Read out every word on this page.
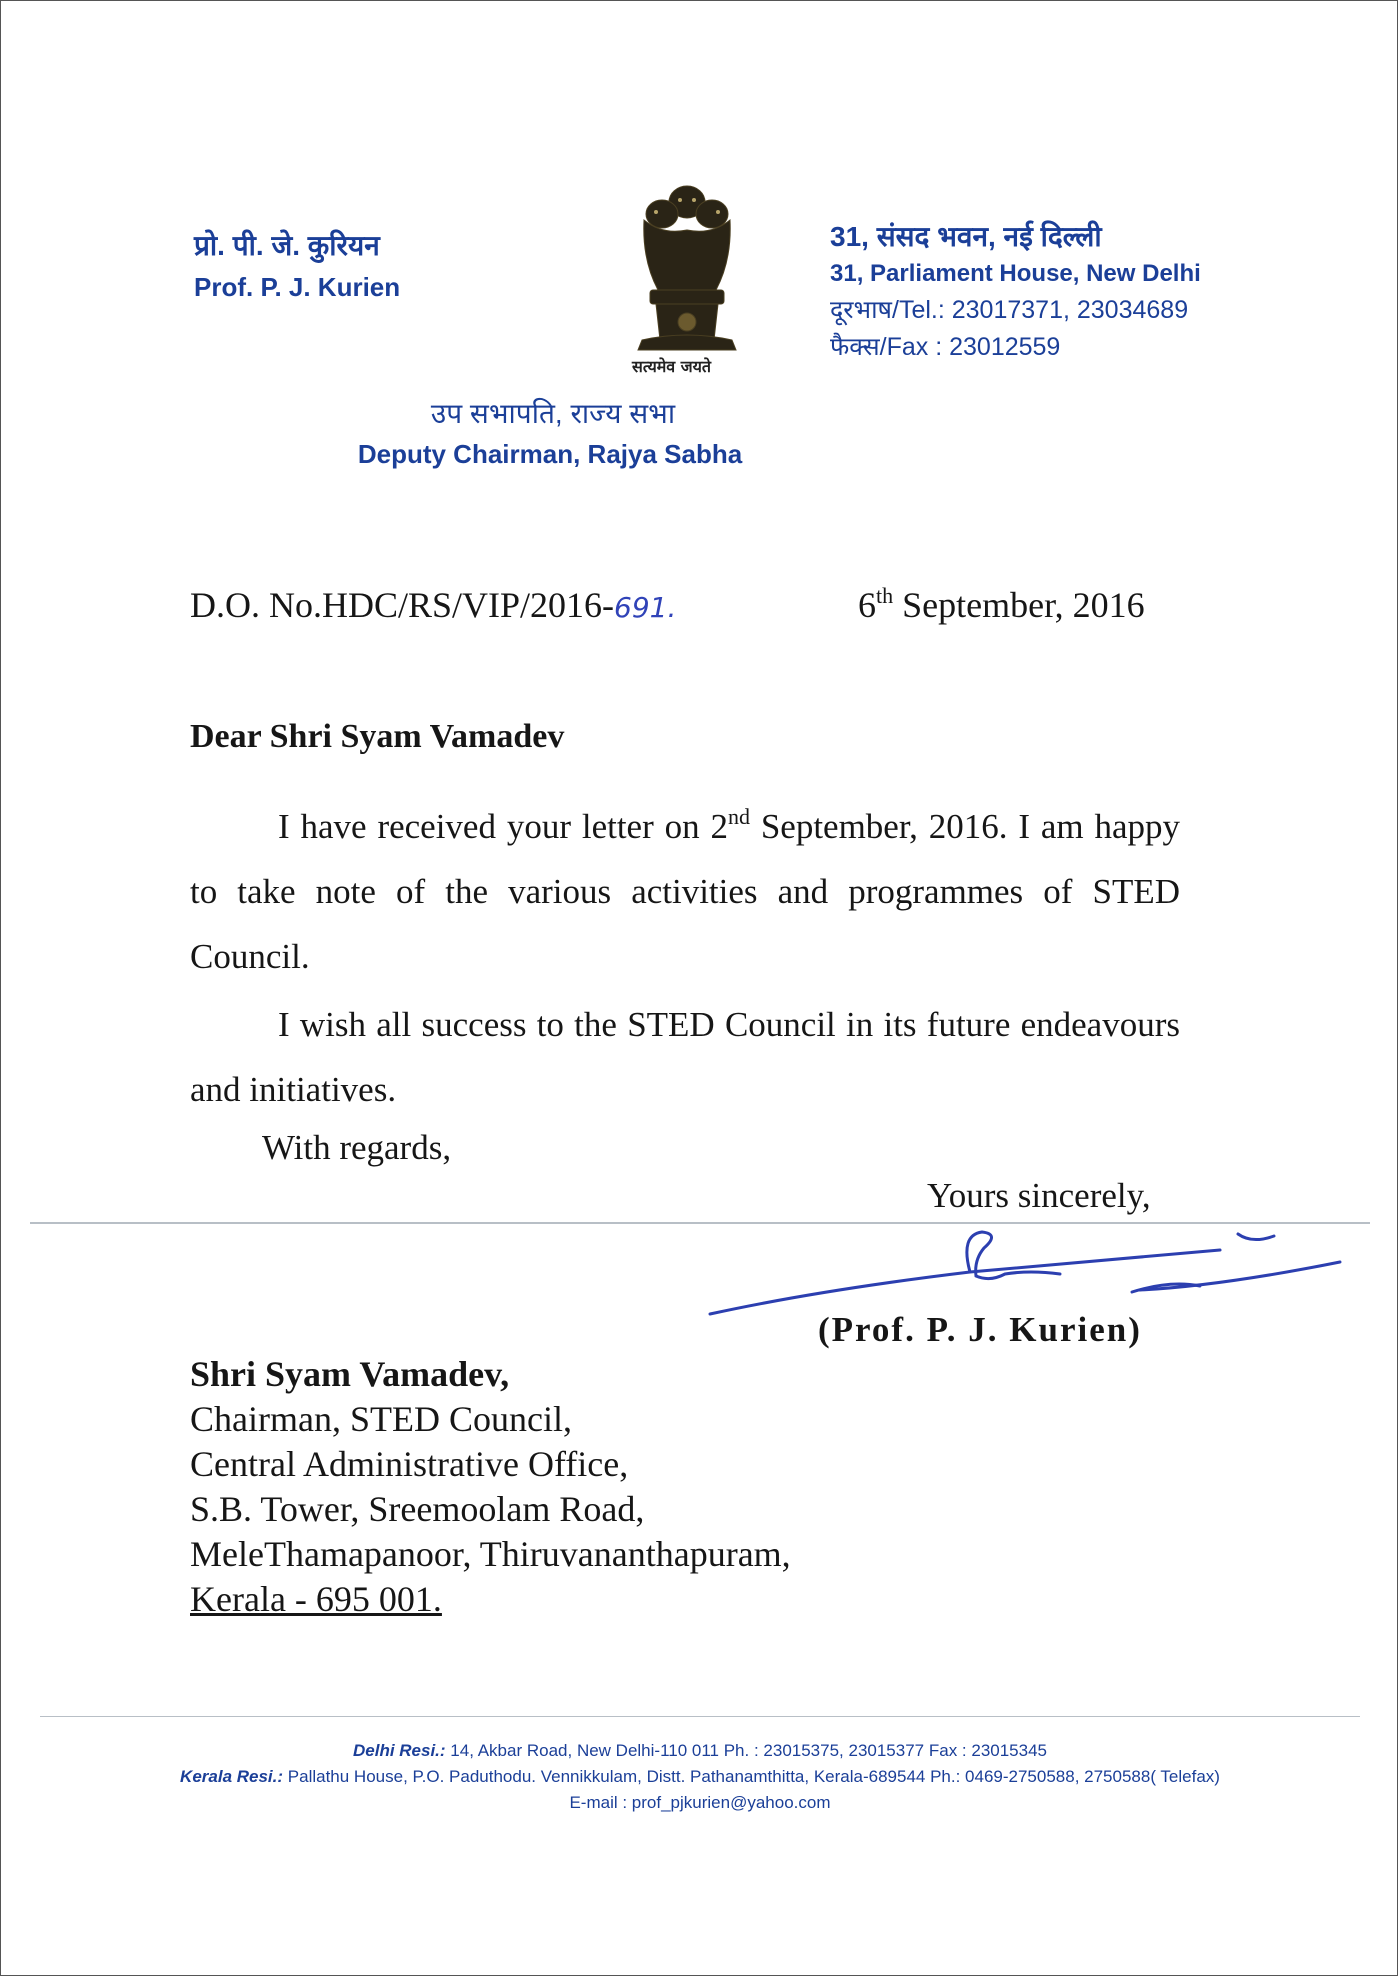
प्रो. पी. जे. कुरियन
Prof. P. J. Kurien
सत्यमेव जयते
31, संसद भवन, नई दिल्ली
31, Parliament House, New Delhi
दूरभाष/Tel.: 23017371, 23034689
फैक्स/Fax : 23012559
उप सभापति, राज्य सभा
Deputy Chairman, Rajya Sabha
D.O. No.HDC/RS/VIP/2016-691.	6th September, 2016
Dear Shri Syam Vamadev
I have received your letter on 2nd September, 2016. I am happy to take note of the various activities and programmes of STED Council.
I wish all success to the STED Council in its future endeavours and initiatives.
With regards,
Yours sincerely,
(Prof. P. J. Kurien)
Shri Syam Vamadev,
Chairman, STED Council,
Central Administrative Office,
S.B. Tower, Sreemoolam Road,
MeleThamapanoor, Thiruvananthapuram,
Kerala - 695 001.
Delhi Resi.: 14, Akbar Road, New Delhi-110 011 Ph. : 23015375, 23015377 Fax : 23015345
Kerala Resi.: Pallathu House, P.O. Paduthodu. Vennikkulam, Distt. Pathanamthitta, Kerala-689544 Ph.: 0469-2750588, 2750588( Telefax)
E-mail : prof_pjkurien@yahoo.com
